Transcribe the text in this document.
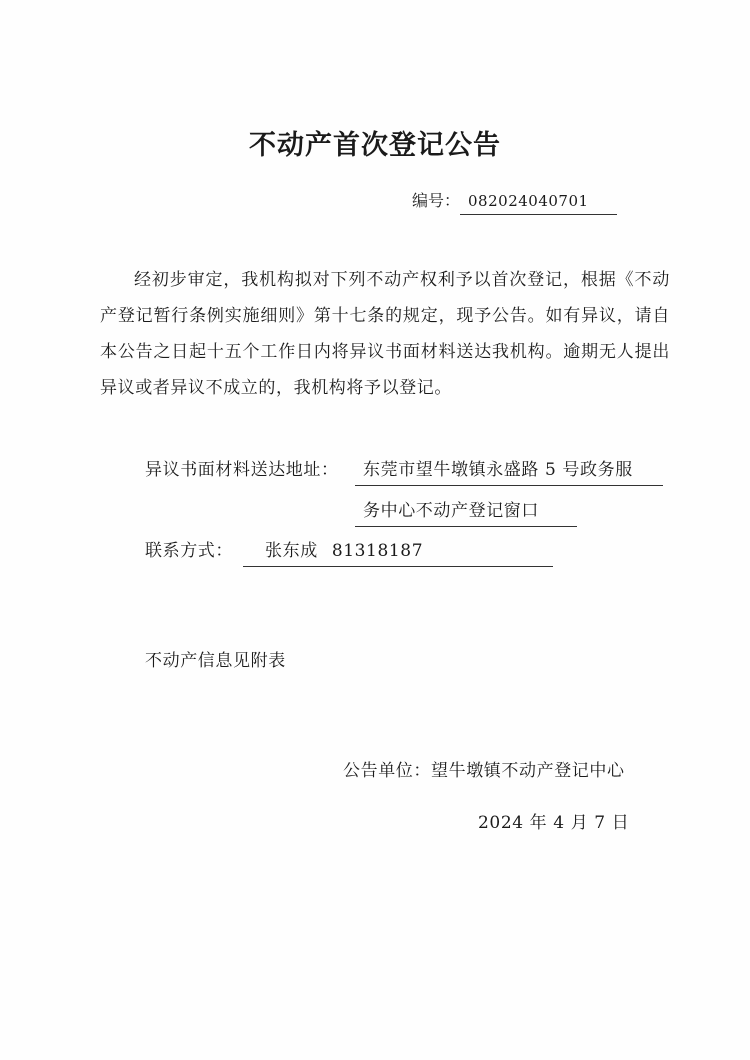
不动产首次登记公告
编号： 082024040701
经初步审定，我机构拟对下列不动产权利予以首次登记，根据《不动产登记暂行条例实施细则》第十七条的规定，现予公告。如有异议，请自本公告之日起十五个工作日内将异议书面材料送达我机构。逾期无人提出异议或者异议不成立的，我机构将予以登记。
异议书面材料送达地址：	东莞市望牛墩镇永盛路 5 号政务服
务中心不动产登记窗口
联系方式：	张东成 81318187
不动产信息见附表
公告单位：望牛墩镇不动产登记中心
2024 年 4 月 7 日
